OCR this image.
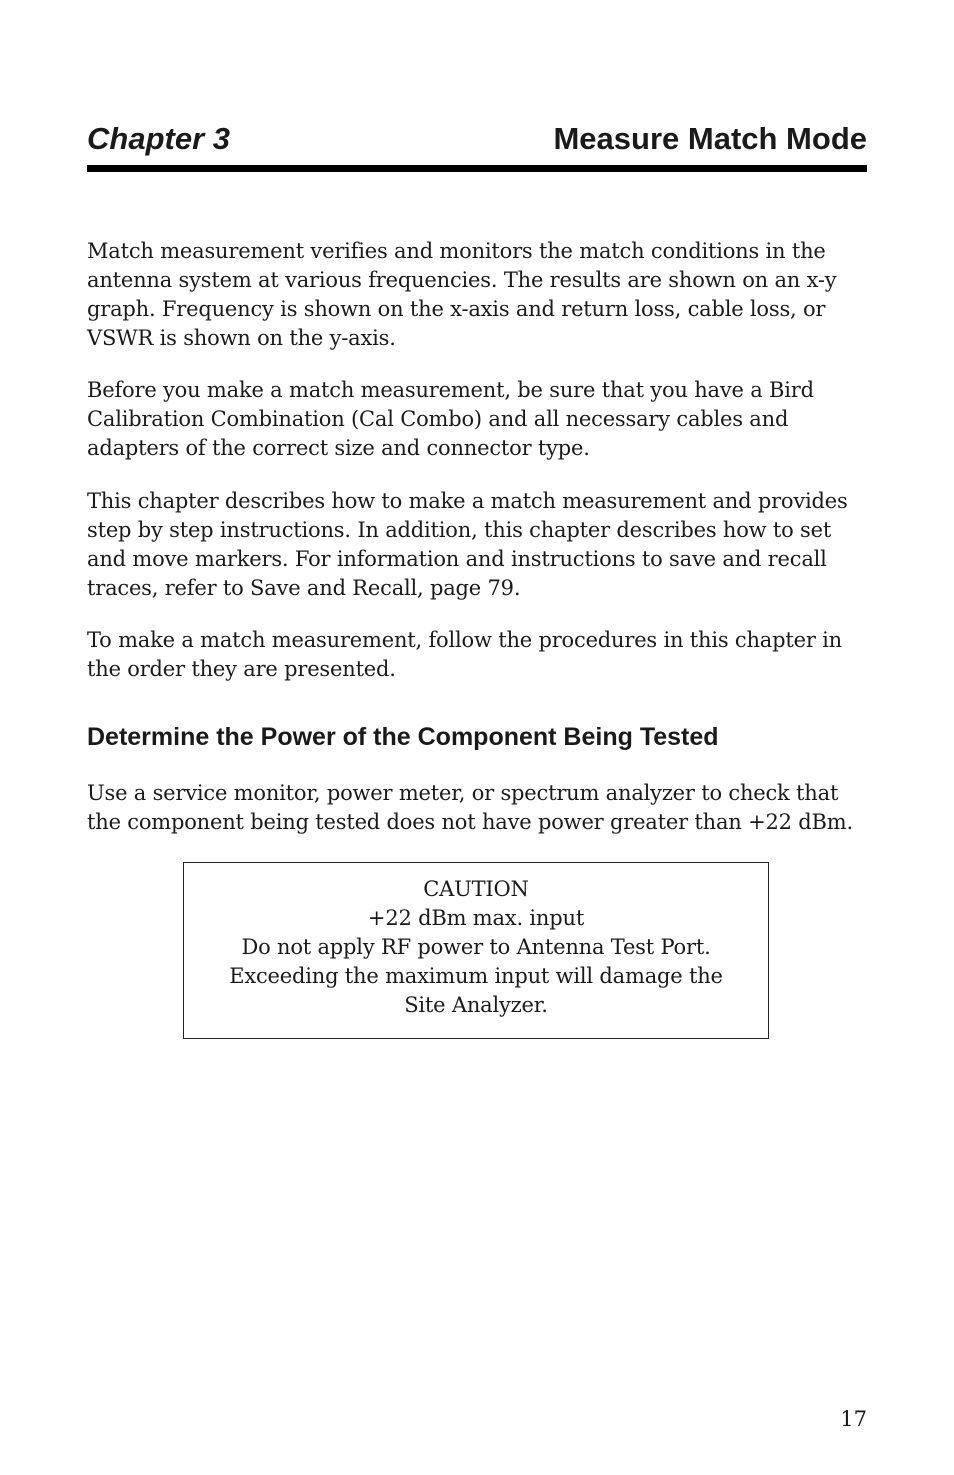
Chapter 3	Measure Match Mode

Match measurement verifies and monitors the match conditions in the antenna system at various frequencies. The results are shown on an x-y graph. Frequency is shown on the x-axis and return loss, cable loss, or VSWR is shown on the y-axis.

Before you make a match measurement, be sure that you have a Bird Calibration Combination (Cal Combo) and all necessary cables and adapters of the correct size and connector type.

This chapter describes how to make a match measurement and provides step by step instructions. In addition, this chapter describes how to set and move markers. For information and instructions to save and recall traces, refer to Save and Recall, page 79.

To make a match measurement, follow the procedures in this chapter in the order they are presented.

Determine the Power of the Component Being Tested

Use a service monitor, power meter, or spectrum analyzer to check that the component being tested does not have power greater than +22 dBm.

CAUTION
+22 dBm max. input
Do not apply RF power to Antenna Test Port.
Exceeding the maximum input will damage the
Site Analyzer.
17
